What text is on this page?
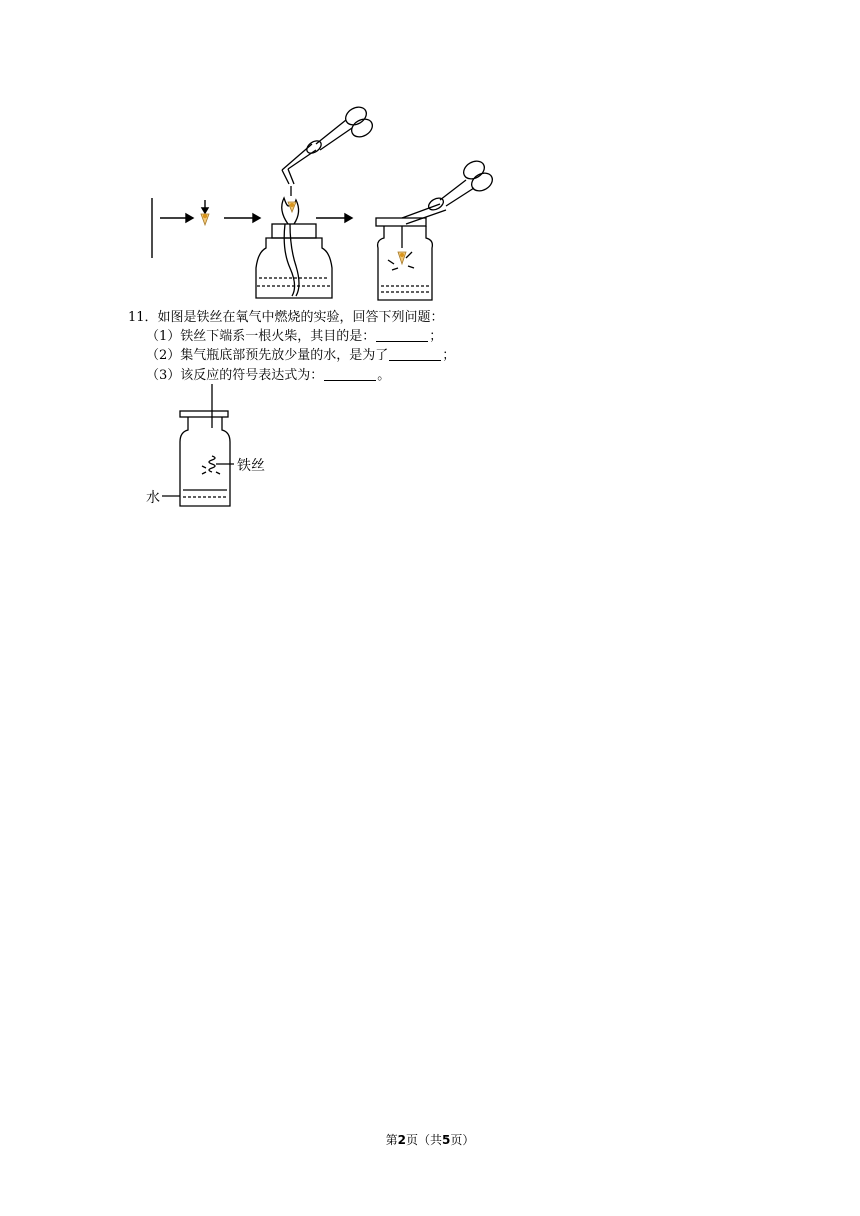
11．如图是铁丝在氧气中燃烧的实验，回答下列问题：
（1）铁丝下端系一根火柴，其目的是：	；
（2）集气瓶底部预先放少量的水，是为了	；
（3）该反应的符号表达式为：	。
铁丝
水
第2页（共5页）
